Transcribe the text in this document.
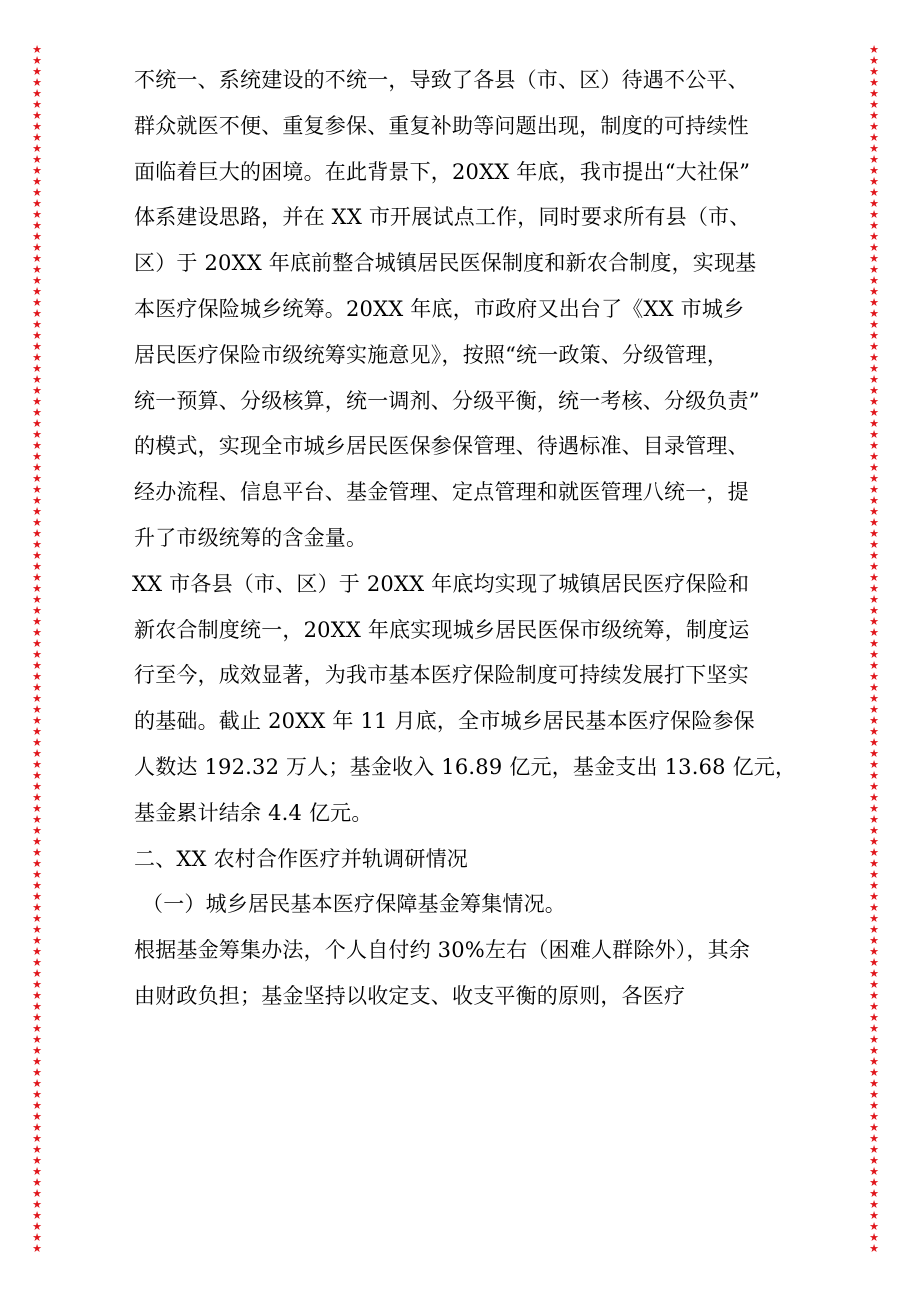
★
★
★
★
★
★
★
★
★
★
★
★
★
★
★
★
★
★
★
★
★
★
★
★
★
★
★
★
★
★
★
★
★
★
★
★
★
★
★
★
★
★
★
★
★
★
★
★
★
★
★
★
★
★
★
★
★
★
★
★
★
★
★
★
★
★
★
★
★
★
★
★
★
★
★
★
★
★
★
★
★
★
★
★
★
★
★
★
★
★
★
★
★
★
★
★
★
★
★
★
★
★
★
★
★
★
★
★
★
★
★
★
★
★
★
★
★
★
★
★
★
★
★
★
★
★
★
★
★
★
★
★
★
★
★
★
★
★
★
★
★
★
★
★
★
★
★
★
★
★
★
★
★
★
★
★
★
★
★
★
★
★
★
★
★
★
★
★
★
★
★
★
★
★
★
★
★
★
★
★
★
★
★
★
★
★
★
★
★
★
★
★
★
★
★
★
★
★
★
★
★
★
★
★
★
★
★
★
★
★
★
★
★
★
★
★
★
★
★
★
不统一、系统建设的不统一，导致了各县（市、区）待遇不公平、
群众就医不便、重复参保、重复补助等问题出现，制度的可持续性
面临着巨大的困境。在此背景下，20XX 年底，我市提出“大社保”
体系建设思路，并在 XX 市开展试点工作，同时要求所有县（市、
区）于 20XX 年底前整合城镇居民医保制度和新农合制度，实现基
本医疗保险城乡统筹。20XX 年底，市政府又出台了《XX 市城乡
居民医疗保险市级统筹实施意见》，按照“统一政策、分级管理，
统一预算、分级核算，统一调剂、分级平衡，统一考核、分级负责”
的模式，实现全市城乡居民医保参保管理、待遇标准、目录管理、
经办流程、信息平台、基金管理、定点管理和就医管理八统一，提
升了市级统筹的含金量。
XX 市各县（市、区）于 20XX 年底均实现了城镇居民医疗保险和
新农合制度统一，20XX 年底实现城乡居民医保市级统筹，制度运
行至今，成效显著，为我市基本医疗保险制度可持续发展打下坚实
的基础。截止 20XX 年 11 月底，全市城乡居民基本医疗保险参保
人数达 192.32 万人；基金收入 16.89 亿元，基金支出 13.68 亿元，
基金累计结余 4.4 亿元。
二、XX 农村合作医疗并轨调研情况
（一）城乡居民基本医疗保障基金筹集情况。
根据基金筹集办法，个人自付约 30%左右（困难人群除外），其余
由财政负担；基金坚持以收定支、收支平衡的原则，各医疗
